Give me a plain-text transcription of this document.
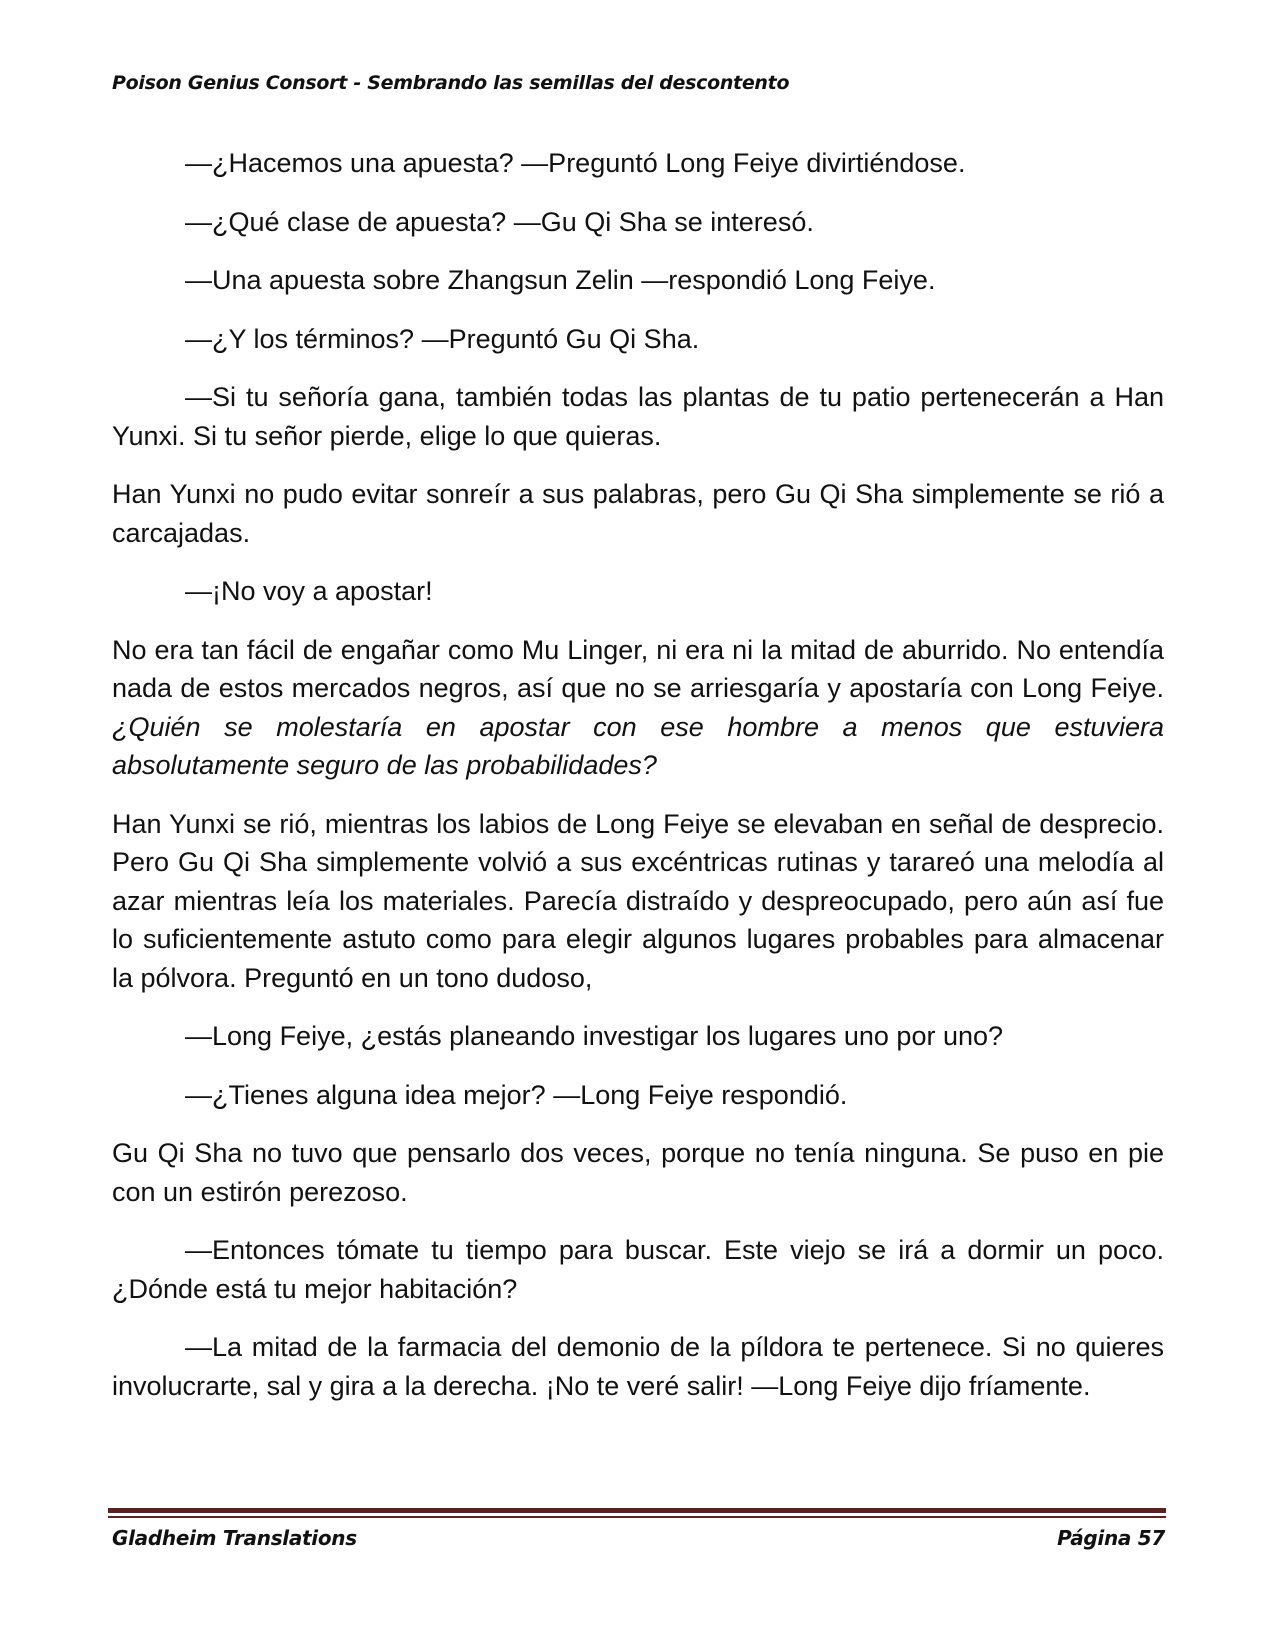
Poison Genius Consort - Sembrando las semillas del descontento

—¿Hacemos una apuesta? —Preguntó Long Feiye divirtiéndose.

—¿Qué clase de apuesta? —Gu Qi Sha se interesó.

—Una apuesta sobre Zhangsun Zelin —respondió Long Feiye.

—¿Y los términos? —Preguntó Gu Qi Sha.

—Si tu señoría gana, también todas las plantas de tu patio pertenecerán a Han Yunxi. Si tu señor pierde, elige lo que quieras.

Han Yunxi no pudo evitar sonreír a sus palabras, pero Gu Qi Sha simplemente se rió a carcajadas.

—¡No voy a apostar!

No era tan fácil de engañar como Mu Linger, ni era ni la mitad de aburrido. No entendía nada de estos mercados negros, así que no se arriesgaría y apostaría con Long Feiye. ¿Quién se molestaría en apostar con ese hombre a menos que estuviera absolutamente seguro de las probabilidades?

Han Yunxi se rió, mientras los labios de Long Feiye se elevaban en señal de desprecio. Pero Gu Qi Sha simplemente volvió a sus excéntricas rutinas y tarareó una melodía al azar mientras leía los materiales. Parecía distraído y despreocupado, pero aún así fue lo suficientemente astuto como para elegir algunos lugares probables para almacenar la pólvora. Preguntó en un tono dudoso,

—Long Feiye, ¿estás planeando investigar los lugares uno por uno?

—¿Tienes alguna idea mejor? —Long Feiye respondió.

Gu Qi Sha no tuvo que pensarlo dos veces, porque no tenía ninguna. Se puso en pie con un estirón perezoso.

—Entonces tómate tu tiempo para buscar. Este viejo se irá a dormir un poco. ¿Dónde está tu mejor habitación?

—La mitad de la farmacia del demonio de la píldora te pertenece. Si no quieres involucrarte, sal y gira a la derecha. ¡No te veré salir! —Long Feiye dijo fríamente.

Gladheim Translations	Página 57
